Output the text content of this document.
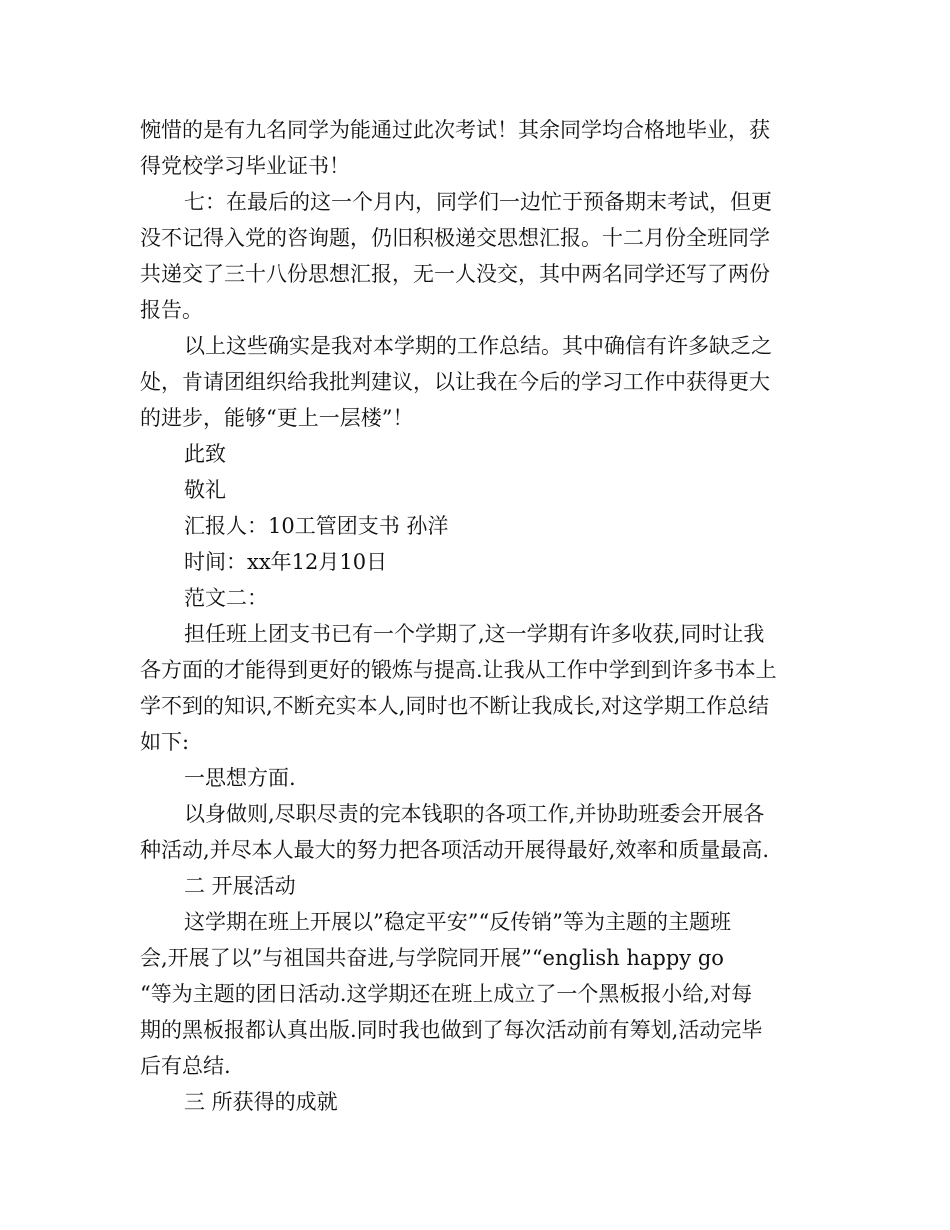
惋惜的是有九名同学为能通过此次考试！其余同学均合格地毕业，获
得党校学习毕业证书！
七：在最后的这一个月内，同学们一边忙于预备期末考试，但更
没不记得入党的咨询题，仍旧积极递交思想汇报。十二月份全班同学
共递交了三十八份思想汇报，无一人没交，其中两名同学还写了两份
报告。
以上这些确实是我对本学期的工作总结。其中确信有许多缺乏之
处，肯请团组织给我批判建议，以让我在今后的学习工作中获得更大
的进步，能够“更上一层楼”！
此致
敬礼
汇报人：10工管团支书 孙洋
时间：xx年12月10日
范文二：
担任班上团支书已有一个学期了,这一学期有许多收获,同时让我
各方面的才能得到更好的锻炼与提高.让我从工作中学到到许多书本上
学不到的知识,不断充实本人,同时也不断让我成长,对这学期工作总结
如下:
一思想方面.
以身做则,尽职尽责的完本钱职的各项工作,并协助班委会开展各
种活动,并尽本人最大的努力把各项活动开展得最好,效率和质量最高.
二 开展活动
这学期在班上开展以”稳定平安”“反传销”等为主题的主题班
会,开展了以”与祖国共奋进,与学院同开展”“english happy go
“等为主题的团日活动.这学期还在班上成立了一个黑板报小给,对每
期的黑板报都认真出版.同时我也做到了每次活动前有筹划,活动完毕
后有总结.
三 所获得的成就
